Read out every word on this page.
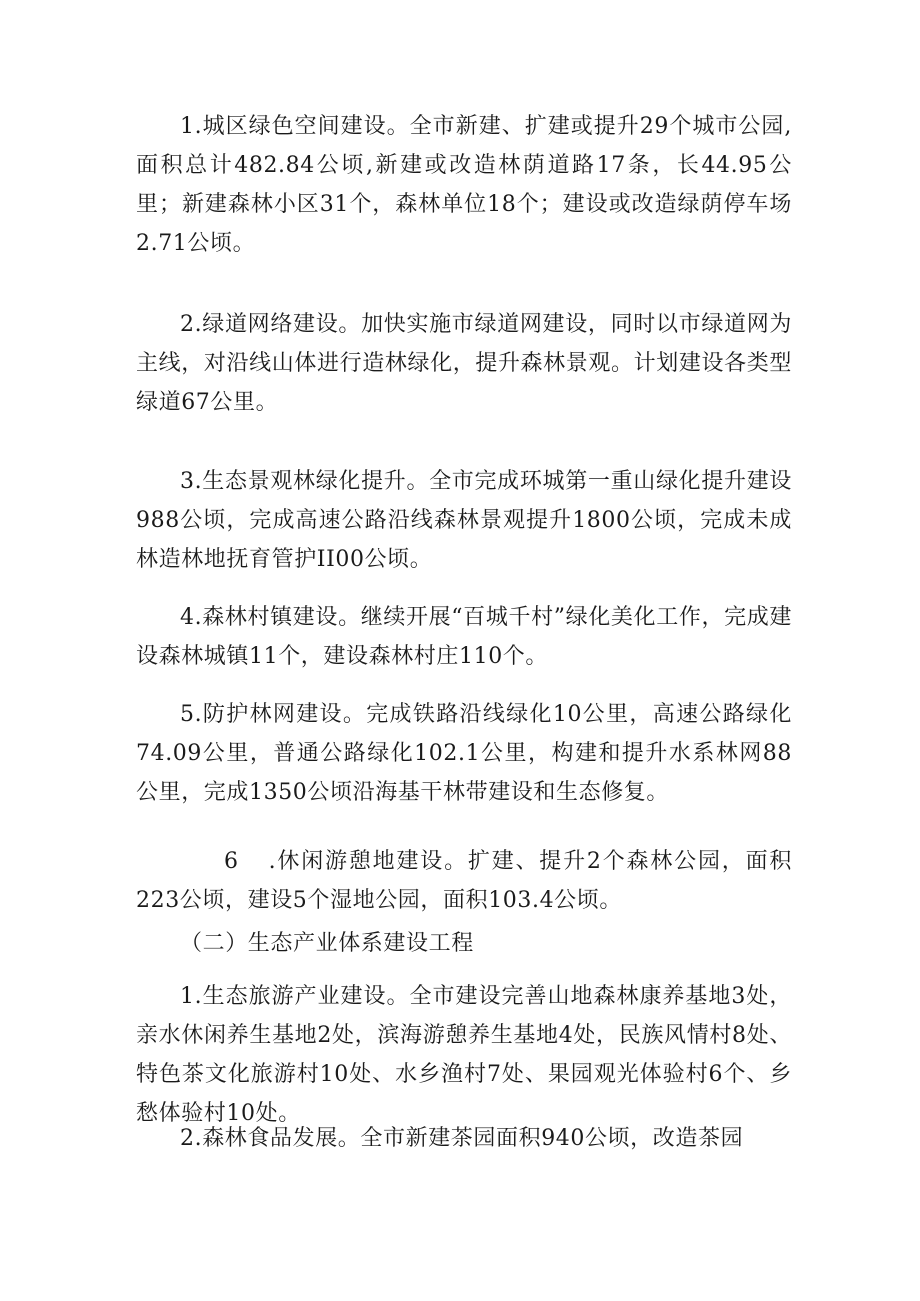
1.城区绿色空间建设。全市新建、扩建或提升29个城市公园,面积总计482.84公顷,新建或改造林荫道路17条，长44.95公里；新建森林小区31个，森林单位18个；建设或改造绿荫停车场2.71公顷。

2.绿道网络建设。加快实施市绿道网建设，同时以市绿道网为主线，对沿线山体进行造林绿化，提升森林景观。计划建设各类型绿道67公里。

3.生态景观林绿化提升。全市完成环城第一重山绿化提升建设988公顷，完成高速公路沿线森林景观提升1800公顷，完成未成林造林地抚育管护II00公顷。

4.森林村镇建设。继续开展“百城千村”绿化美化工作，完成建设森林城镇11个，建设森林村庄110个。

5.防护林网建设。完成铁路沿线绿化10公里，高速公路绿化74.09公里，普通公路绿化102.1公里，构建和提升水系林网88公里，完成1350公顷沿海基干林带建设和生态修复。

6 .休闲游憩地建设。扩建、提升2个森林公园，面积223公顷，建设5个湿地公园，面积103.4公顷。

（二）生态产业体系建设工程

1.生态旅游产业建设。全市建设完善山地森林康养基地3处，亲水休闲养生基地2处，滨海游憩养生基地4处，民族风情村8处、特色茶文化旅游村10处、水乡渔村7处、果园观光体验村6个、乡愁体验村10处。

2.森林食品发展。全市新建茶园面积940公顷，改造茶园
